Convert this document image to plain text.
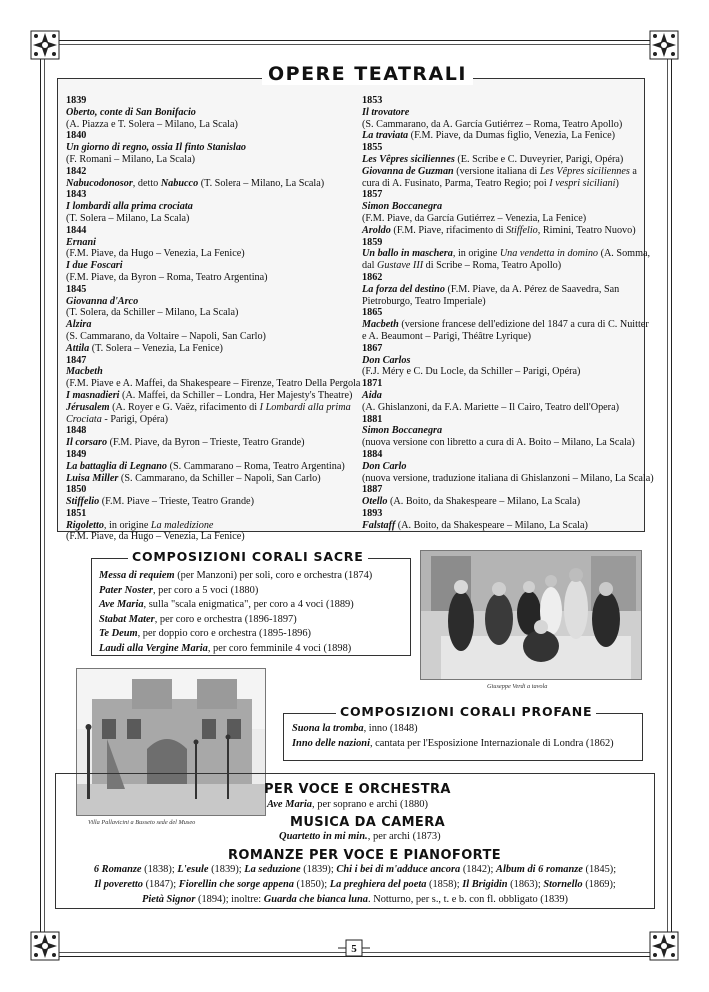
OPERE TEATRALI
1839
Oberto, conte di San Bonifacio
(A. Piazza e T. Solera – Milano, La Scala)
1840
Un giorno di regno, ossia Il finto Stanislao
(F. Romani – Milano, La Scala)
1842
Nabucodonosor, detto Nabucco (T. Solera – Milano, La Scala)
1843
I lombardi alla prima crociata
(T. Solera – Milano, La Scala)
1844
Ernani
(F.M. Piave, da Hugo – Venezia, La Fenice)
I due Foscari
(F.M. Piave, da Byron – Roma, Teatro Argentina)
1845
Giovanna d'Arco
(T. Solera, da Schiller – Milano, La Scala)
Alzira
(S. Cammarano, da Voltaire – Napoli, San Carlo)
Attila (T. Solera – Venezia, La Fenice)
1847
Macbeth
(F.M. Piave e A. Maffei, da Shakespeare – Firenze, Teatro Della Pergola
I masnadieri (A. Maffei, da Schiller – Londra, Her Majesty's Theatre)
Jérusalem (A. Royer e G. Vaëz, rifacimento di I Lombardi alla prima
Crociata - Parigi, Opéra)
1848
Il corsaro (F.M. Piave, da Byron – Trieste, Teatro Grande)
1849
La battaglia di Legnano (S. Cammarano – Roma, Teatro Argentina)
Luisa Miller (S. Cammarano, da Schiller – Napoli, San Carlo)
1850
Stiffelio (F.M. Piave – Trieste, Teatro Grande)
1851
Rigoletto, in origine La maledizione
(F.M. Piave, da Hugo – Venezia, La Fenice)
1853
Il trovatore
(S. Cammarano, da A. García Gutiérrez – Roma, Teatro Apollo)
La traviata (F.M. Piave, da Dumas figlio, Venezia, La Fenice)
1855
Les Vêpres siciliennes (E. Scribe e C. Duveyrier, Parigi, Opéra)
Giovanna de Guzman (versione italiana di Les Vêpres siciliennes a
cura di A. Fusinato, Parma, Teatro Regio; poi I vespri siciliani)
1857
Simon Boccanegra
(F.M. Piave, da García Gutiérrez – Venezia, La Fenice)
Aroldo (F.M. Piave, rifacimento di Stiffelio, Rimini, Teatro Nuovo)
1859
Un ballo in maschera, in origine Una vendetta in domino (A. Somma,
dal Gustave III di Scribe – Roma, Teatro Apollo)
1862
La forza del destino (F.M. Piave, da A. Pérez de Saavedra, San
Pietroburgo, Teatro Imperiale)
1865
Macbeth (versione francese dell'edizione del 1847 a cura di C. Nuitter
e A. Beaumont – Parigi, Théâtre Lyrique)
1867
Don Carlos
(F.J. Méry e C. Du Locle, da Schiller – Parigi, Opéra)
1871
Aida
(A. Ghislanzoni, da F.A. Mariette – Il Cairo, Teatro dell'Opera)
1881
Simon Boccanegra
(nuova versione con libretto a cura di A. Boito – Milano, La Scala)
1884
Don Carlo
(nuova versione, traduzione italiana di Ghislanzoni – Milano, La Scala)
1887
Otello (A. Boito, da Shakespeare – Milano, La Scala)
1893
Falstaff (A. Boito, da Shakespeare – Milano, La Scala)
COMPOSIZIONI CORALI SACRE
Messa di requiem (per Manzoni) per soli, coro e orchestra (1874)
Pater Noster, per coro a 5 voci (1880)
Ave Maria, sulla "scala enigmatica", per coro a 4 voci (1889)
Stabat Mater, per coro e orchestra (1896-1897)
Te Deum, per doppio coro e orchestra (1895-1896)
Laudi alla Vergine Maria, per coro femminile 4 voci (1898)
Giuseppe Verdi a tavola
Villa Pallavicini a Busseto sede del Museo
COMPOSIZIONI CORALI PROFANE
Suona la tromba, inno (1848)
Inno delle nazioni, cantata per l'Esposizione Internazionale di Londra (1862)
PER VOCE E ORCHESTRA
Ave Maria, per soprano e archi (1880)
MUSICA DA CAMERA
Quartetto in mi min., per archi (1873)
ROMANZE PER VOCE E PIANOFORTE
6 Romanze (1838); L'esule (1839); La seduzione (1839); Chi i bei di m'adduce ancora (1842); Album di 6 romanze (1845);
Il poveretto (1847); Fiorellin che sorge appena (1850); La preghiera del poeta (1858); Il Brigidin (1863); Stornello (1869);
Pietà Signor (1894); inoltre: Guarda che bianca luna. Notturno, per s., t. e b. con fl. obbligato (1839)
5
